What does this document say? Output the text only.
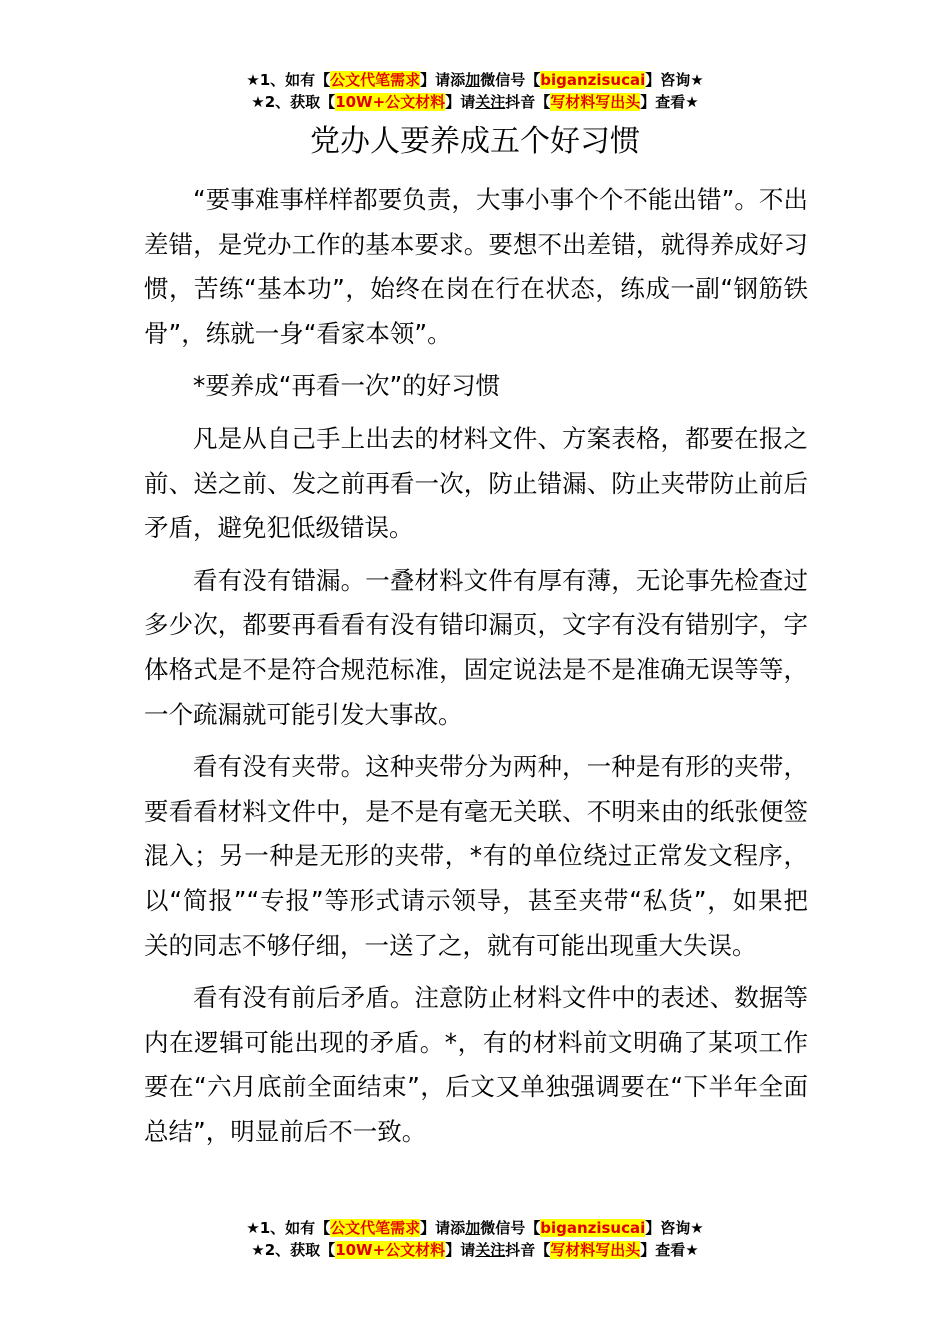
★1、如有【公文代笔需求】请添加微信号【biganzisucai】咨询★
★2、获取【10W+公文材料】请关注抖音【写材料写出头】查看★
党办人要养成五个好习惯

“要事难事样样都要负责，大事小事个个不能出错”。不出差错，是党办工作的基本要求。要想不出差错，就得养成好习惯，苦练“基本功”，始终在岗在行在状态，练成一副“钢筋铁骨”，练就一身“看家本领”。

*要养成“再看一次”的好习惯

凡是从自己手上出去的材料文件、方案表格，都要在报之前、送之前、发之前再看一次，防止错漏、防止夹带防止前后矛盾，避免犯低级错误。

看有没有错漏。一叠材料文件有厚有薄，无论事先检查过多少次，都要再看看有没有错印漏页，文字有没有错别字，字体格式是不是符合规范标准，固定说法是不是准确无误等等，一个疏漏就可能引发大事故。

看有没有夹带。这种夹带分为两种，一种是有形的夹带，要看看材料文件中，是不是有毫无关联、不明来由的纸张便签混入；另一种是无形的夹带，*有的单位绕过正常发文程序，以“简报”“专报”等形式请示领导，甚至夹带“私货”，如果把关的同志不够仔细，一送了之，就有可能出现重大失误。

看有没有前后矛盾。注意防止材料文件中的表述、数据等内在逻辑可能出现的矛盾。*，有的材料前文明确了某项工作要在“六月底前全面结束”，后文又单独强调要在“下半年全面总结”，明显前后不一致。

★1、如有【公文代笔需求】请添加微信号【biganzisucai】咨询★
★2、获取【10W+公文材料】请关注抖音【写材料写出头】查看★
